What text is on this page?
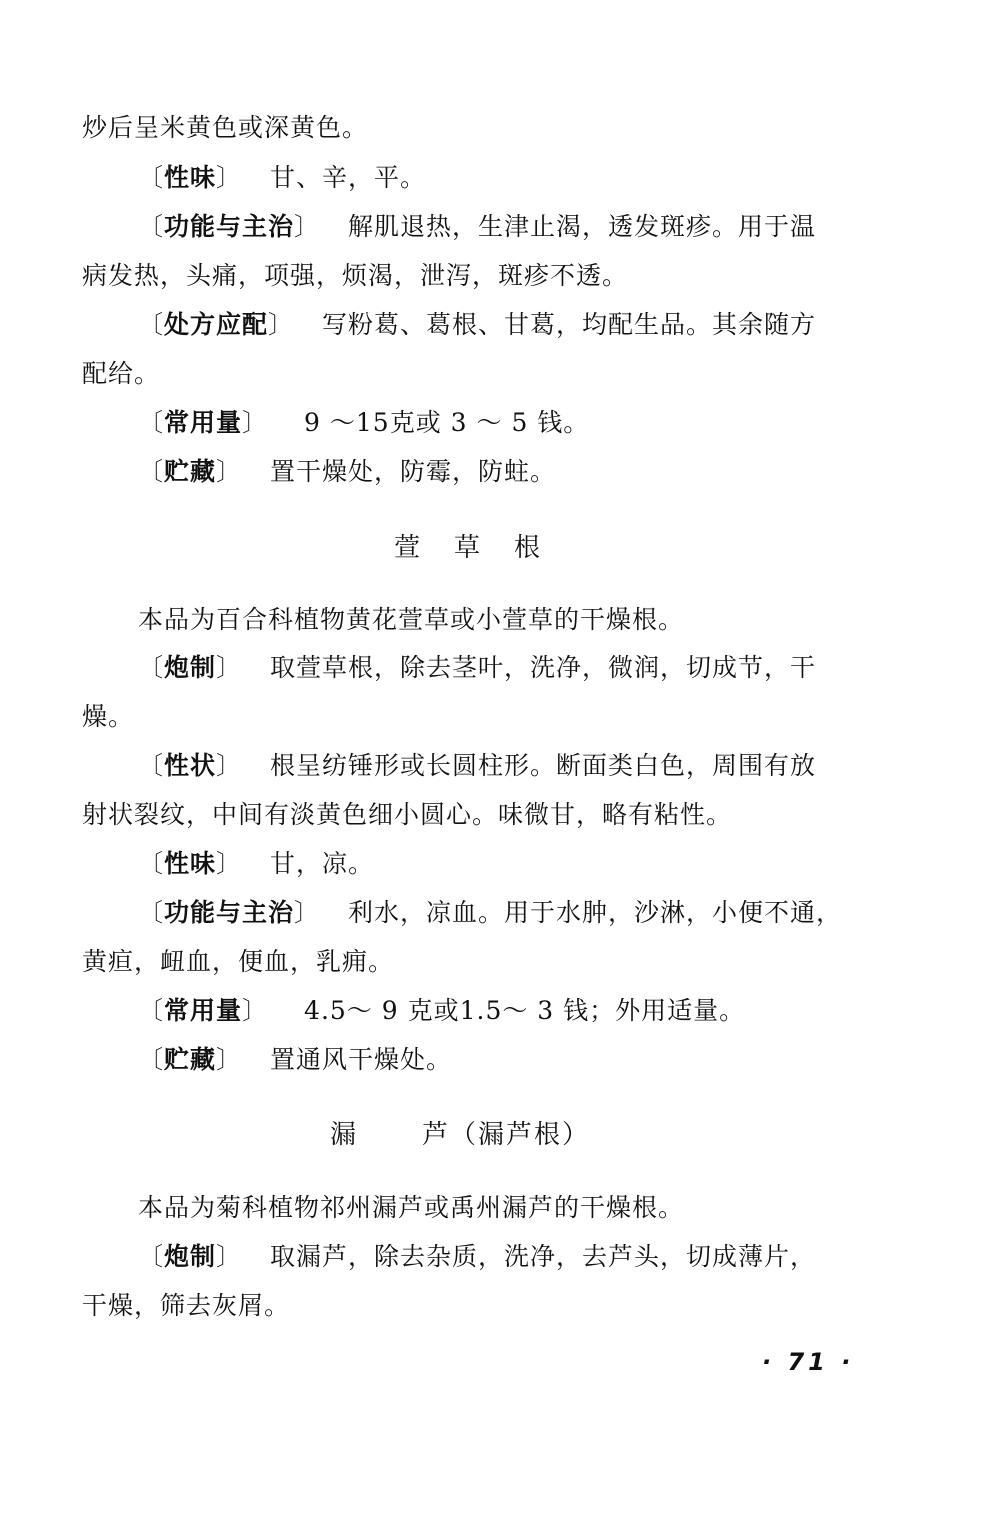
炒后呈米黄色或深黄色。
〔性味〕 甘、辛，平。
〔功能与主治〕 解肌退热，生津止渴，透发斑疹。用于温
病发热，头痛，项强，烦渴，泄泻，斑疹不透。
〔处方应配〕 写粉葛、葛根、甘葛，均配生品。其余随方
配给。
〔常用量〕 9 ～15克或 3 ～ 5 钱。
〔贮藏〕 置干燥处，防霉，防蛀。
萱草根
本品为百合科植物黄花萱草或小萱草的干燥根。
〔炮制〕 取萱草根，除去茎叶，洗净，微润，切成节，干
燥。
〔性状〕 根呈纺锤形或长圆柱形。断面类白色，周围有放
射状裂纹，中间有淡黄色细小圆心。味微甘，略有粘性。
〔性味〕 甘，凉。
〔功能与主治〕 利水，凉血。用于水肿，沙淋，小便不通，
黄疸，衄血，便血，乳痈。
〔常用量〕 4.5～ 9 克或1.5～ 3 钱；外用适量。
〔贮藏〕 置通风干燥处。
漏	芦（漏芦根）
本品为菊科植物祁州漏芦或禹州漏芦的干燥根。
〔炮制〕 取漏芦，除去杂质，洗净，去芦头，切成薄片，
干燥，筛去灰屑。
· 71 ·
